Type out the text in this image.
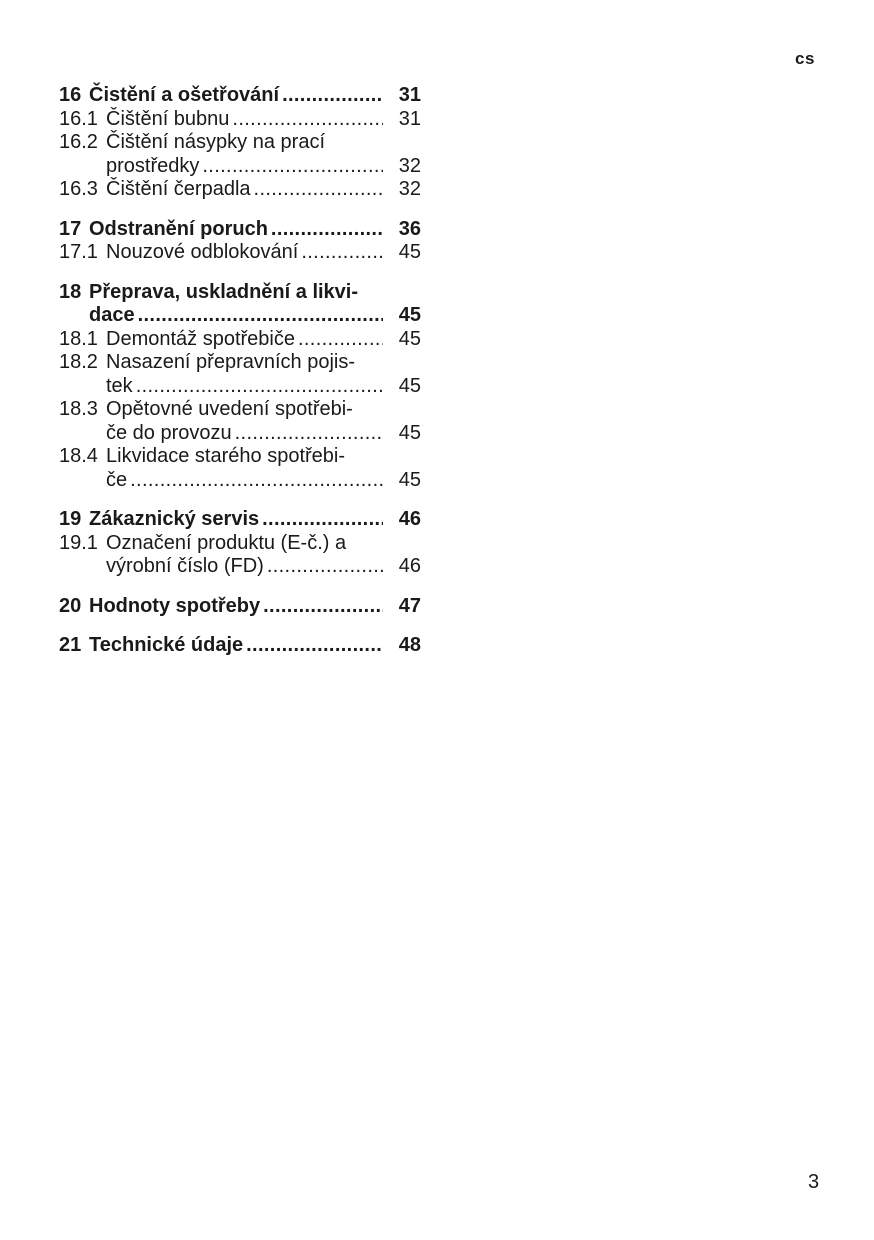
cs
16 Čistění a ošetřování . . .	31
16.1 Čištění bubnu . . .	31
16.2 Čištění násypky na prací
prostředky . . .	32
16.3 Čištění čerpadla . . .	32
17 Odstranění poruch . . .	36
17.1 Nouzové odblokování . . .	45
18 Přeprava, uskladnění a likvi-
dace . . .	45
18.1 Demontáž spotřebiče . . .	45
18.2 Nasazení přepravních pojis-
tek . . .	45
18.3 Opětovné uvedení spotřebi-
če do provozu . . .	45
18.4 Likvidace starého spotřebi-
če . . .	45
19 Zákaznický servis . . .	46
19.1 Označení produktu (E-č.) a
výrobní číslo (FD) . . .	46
20 Hodnoty spotřeby . . .	47
21 Technické údaje . . .	48
3
